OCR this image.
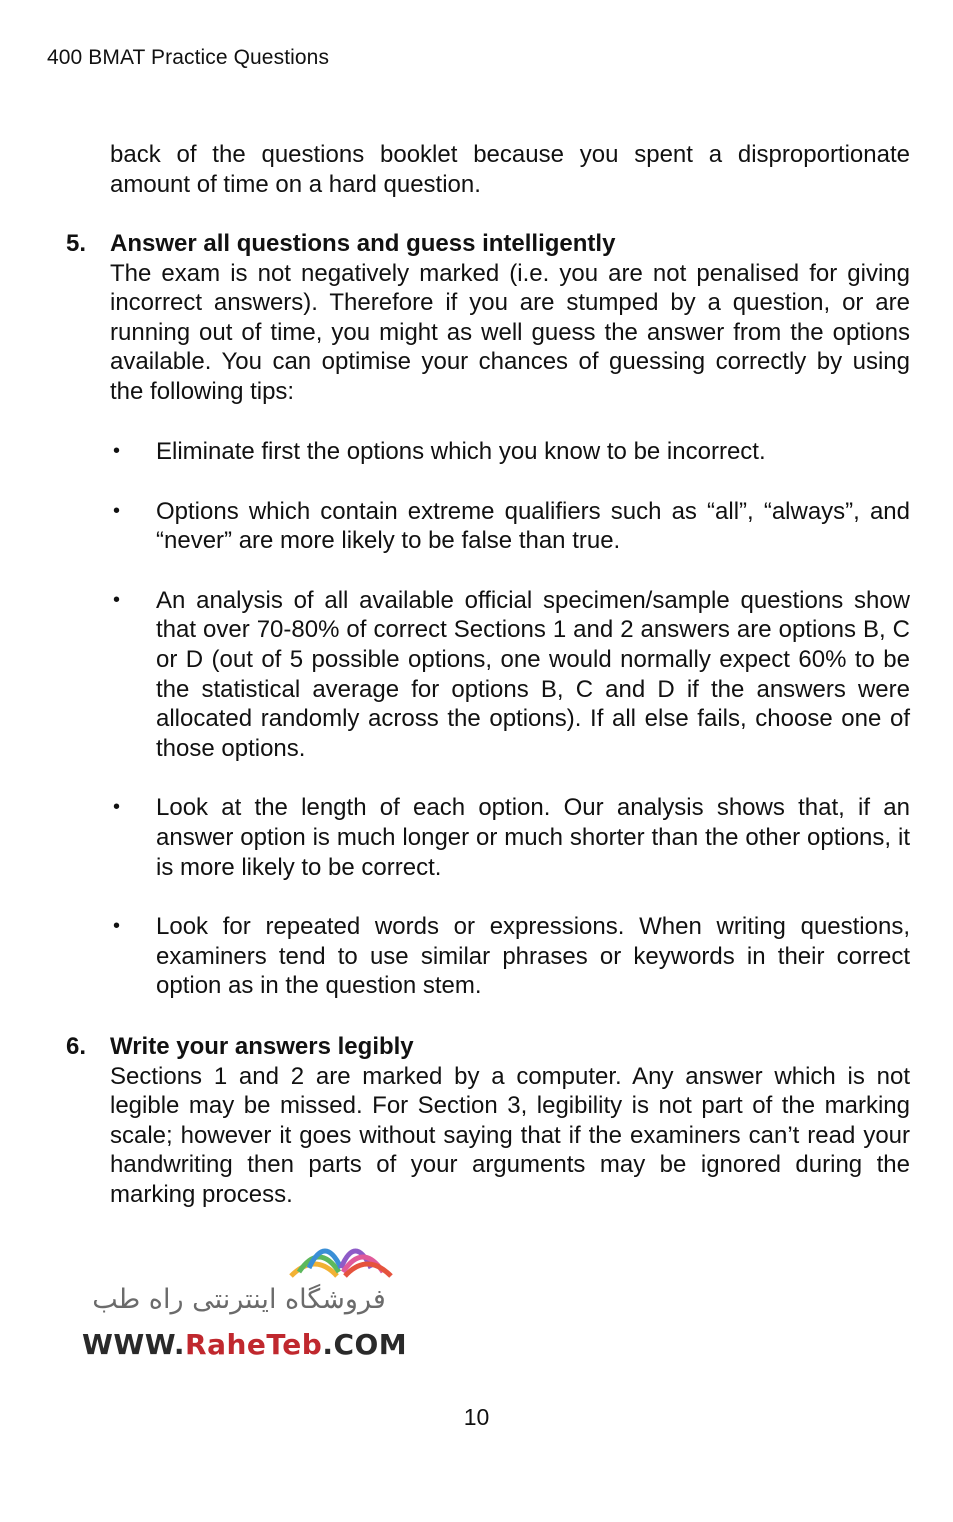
400 BMAT Practice Questions
back of the questions booklet because you spent a disproportionate amount of time on a hard question.
5. Answer all questions and guess intelligently
The exam is not negatively marked (i.e. you are not penalised for giving incorrect answers). Therefore if you are stumped by a question, or are running out of time, you might as well guess the answer from the options available. You can optimise your chances of guessing correctly by using the following tips:
• Eliminate first the options which you know to be incorrect.
• Options which contain extreme qualifiers such as “all”, “always”, and “never” are more likely to be false than true.
• An analysis of all available official specimen/sample questions show that over 70-80% of correct Sections 1 and 2 answers are options B, C or D (out of 5 possible options, one would normally expect 60% to be the statistical average for options B, C and D if the answers were allocated randomly across the options). If all else fails, choose one of those options.
• Look at the length of each option. Our analysis shows that, if an answer option is much longer or much shorter than the other options, it is more likely to be correct.
• Look for repeated words or expressions. When writing questions, examiners tend to use similar phrases or keywords in their correct option as in the question stem.
6. Write your answers legibly
Sections 1 and 2 are marked by a computer. Any answer which is not legible may be missed. For Section 3, legibility is not part of the marking scale; however it goes without saying that if the examiners can’t read your handwriting then parts of your arguments may be ignored during the marking process.
فروشگاه اینترنتی راه طب
WWW.RaheTeb.COM
10
